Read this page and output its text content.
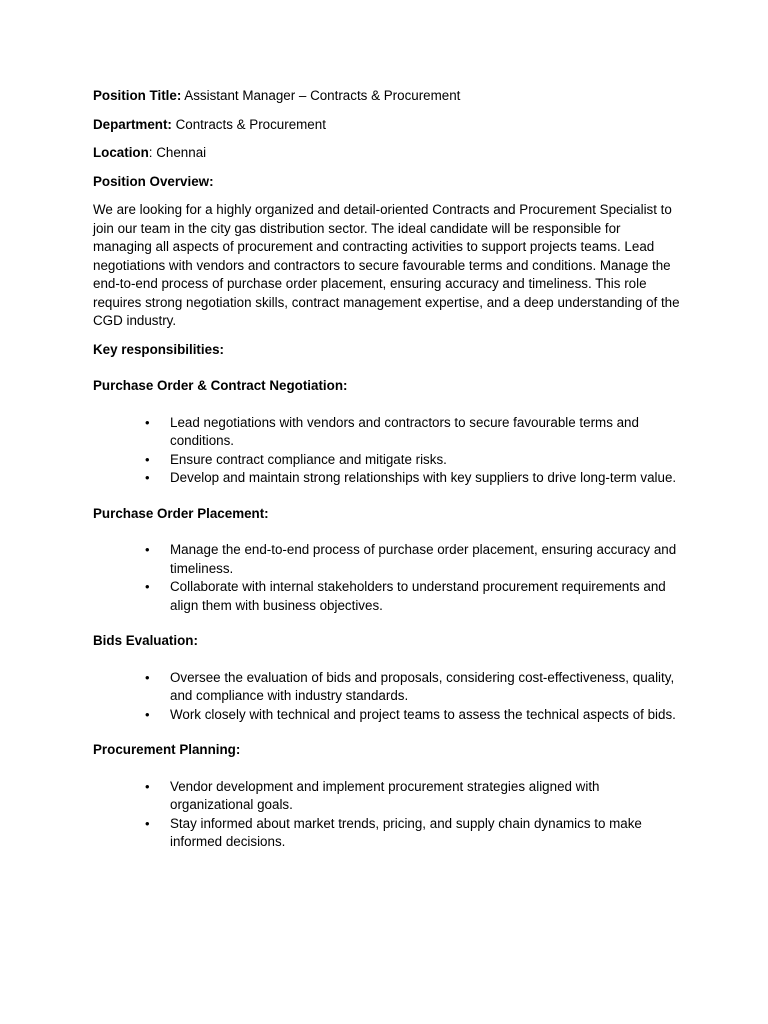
Position Title: Assistant Manager – Contracts & Procurement

Department: Contracts & Procurement

Location: Chennai

Position Overview:

We are looking for a highly organized and detail-oriented Contracts and Procurement Specialist to join our team in the city gas distribution sector. The ideal candidate will be responsible for managing all aspects of procurement and contracting activities to support projects teams. Lead negotiations with vendors and contractors to secure favourable terms and conditions. Manage the end-to-end process of purchase order placement, ensuring accuracy and timeliness. This role requires strong negotiation skills, contract management expertise, and a deep understanding of the CGD industry.

Key responsibilities:

Purchase Order & Contract Negotiation:

• Lead negotiations with vendors and contractors to secure favourable terms and conditions.
• Ensure contract compliance and mitigate risks.
• Develop and maintain strong relationships with key suppliers to drive long-term value.

Purchase Order Placement:

• Manage the end-to-end process of purchase order placement, ensuring accuracy and timeliness.
• Collaborate with internal stakeholders to understand procurement requirements and align them with business objectives.

Bids Evaluation:

• Oversee the evaluation of bids and proposals, considering cost-effectiveness, quality, and compliance with industry standards.
• Work closely with technical and project teams to assess the technical aspects of bids.

Procurement Planning:

• Vendor development and implement procurement strategies aligned with organizational goals.
• Stay informed about market trends, pricing, and supply chain dynamics to make informed decisions.
